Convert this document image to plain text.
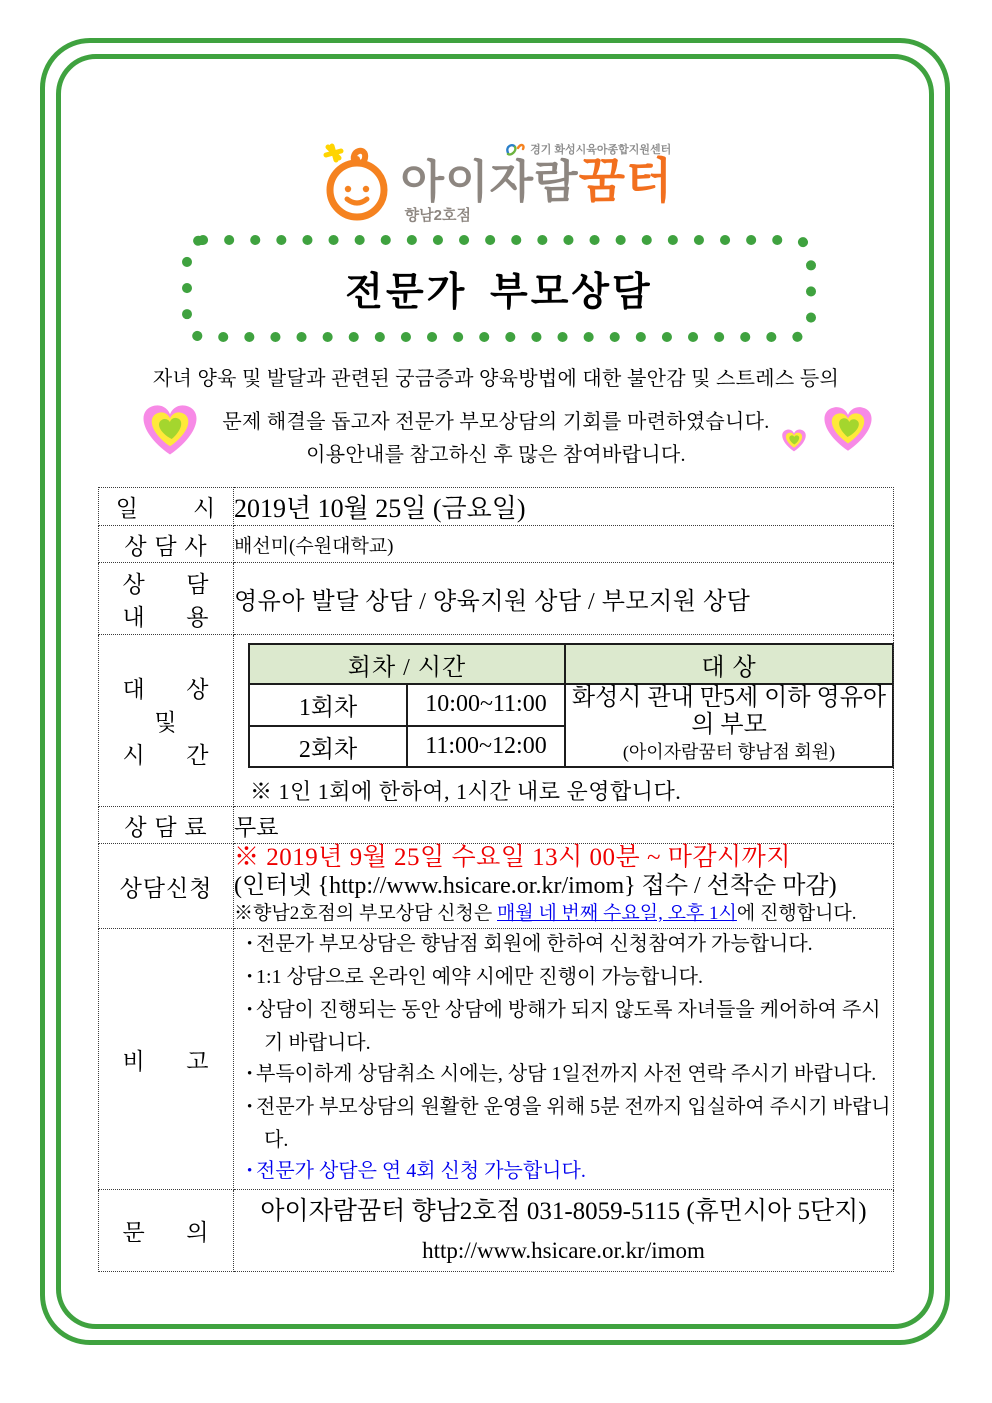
경기 화성시육아종합지원센터
아이자람꿈터
향남2호점
전문가 부모상담

자녀 양육 및 발달과 관련된 궁금증과 양육방법에 대한 불안감 및 스트레스 등의

문제 해결을 돕고자 전문가 부모상담의 기회를 마련하였습니다.

이용안내를 참고하신 후 많은 참여바랍니다.

일        시	2019년 10월 25일 (금요일)
상 담 사	배선미(수원대학교)

상      담
내      용
	영유아 발달 상담 / 양육지원 상담 / 부모지원 상담

대      상
및
시      간

회차 / 시간	대 상
1회차	10:00~11:00	화성시 관내 만5세 이하 영유아의 부모
(아이자람꿈터 향남점 회원)

2회차	11:00~12:00
※ 1인 1회에 한하여, 1시간 내로 운영합니다.

상 담 료	무료
상담신청	
※ 2019년 9월 25일 수요일 13시 00분 ~ 마감시까지
(인터넷 {http://www.hsicare.or.kr/imom} 접수 / 선착순 마감)
※향남2호점의 부모상담 신청은 매월 네 번째 수요일, 오후 1시에 진행합니다.

비      고	
• 전문가 부모상담은 향남점 회원에 한하여 신청참여가 가능합니다.
• 1:1 상담으로 온라인 예약 시에만 진행이 가능합니다.
• 상담이 진행되는 동안 상담에 방해가 되지 않도록 자녀들을 케어하여 주시기 바랍니다.
• 부득이하게 상담취소 시에는, 상담 1일전까지 사전 연락 주시기 바랍니다.
• 전문가 부모상담의 원활한 운영을 위해 5분 전까지 입실하여 주시기 바랍니다.
• 전문가 상담은 연 4회 신청 가능합니다.

문      의	
아이자람꿈터 향남2호점 031-8059-5115 (휴먼시아 5단지)
http://www.hsicare.or.kr/imom
